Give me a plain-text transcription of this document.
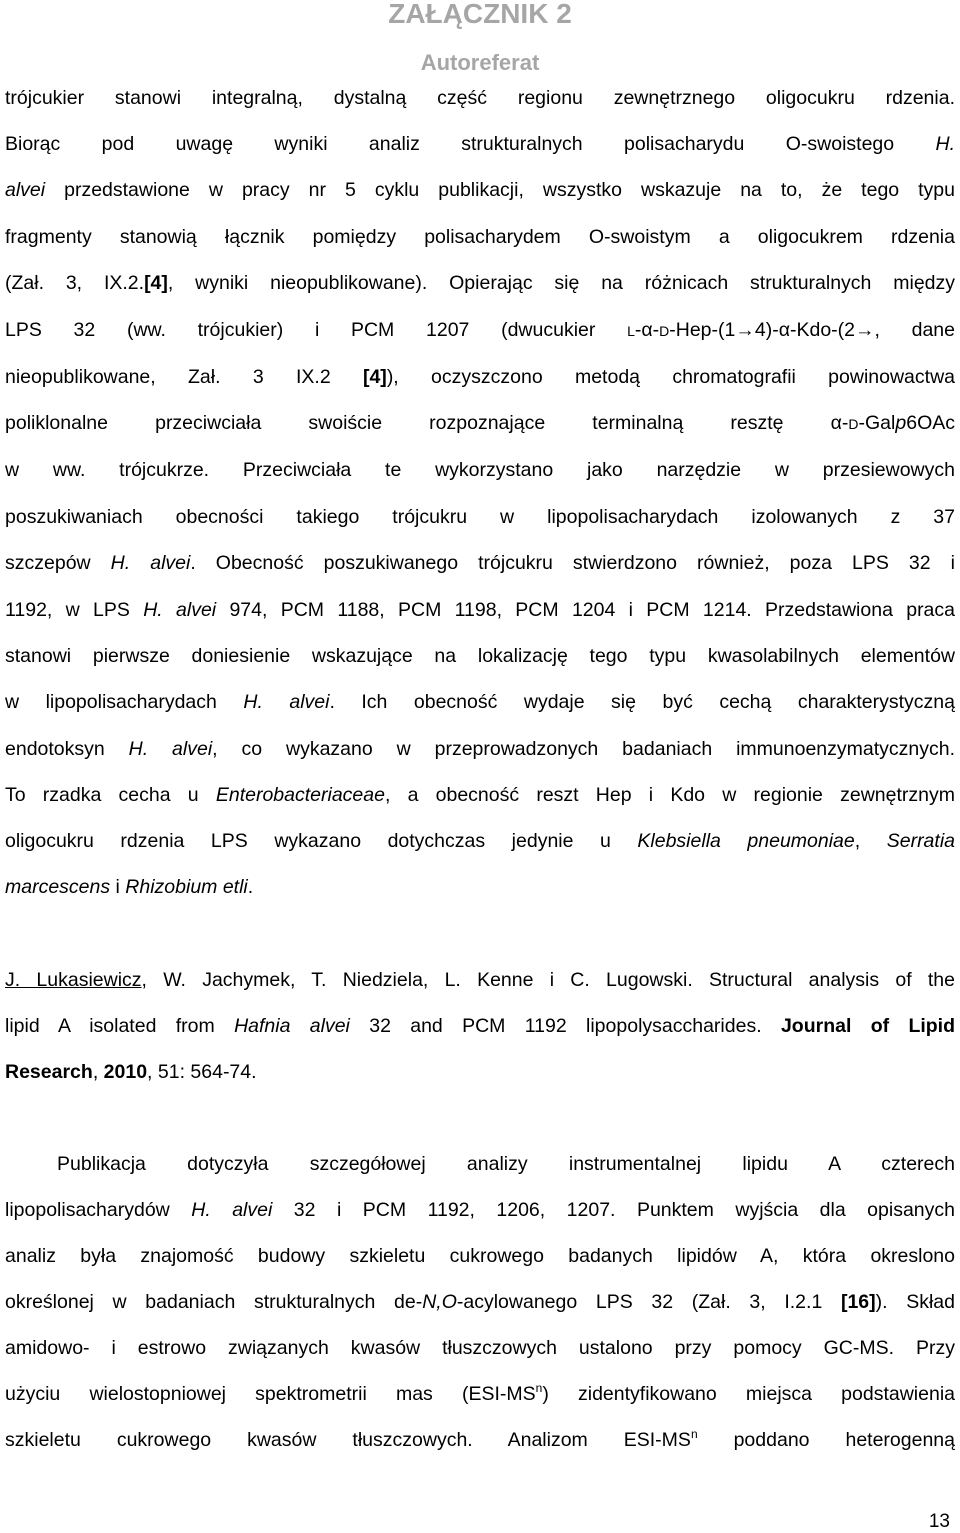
ZAŁĄCZNIK 2
Autoreferat
trójcukier stanowi integralną, dystalną część regionu zewnętrznego oligocukru rdzenia.
Biorąc pod uwagę wyniki analiz strukturalnych polisacharydu O-swoistego H.
alvei przedstawione w pracy nr 5 cyklu publikacji, wszystko wskazuje na to, że tego typu
fragmenty stanowią łącznik pomiędzy polisacharydem O-swoistym a oligocukrem rdzenia
(Zał. 3, IX.2.[4], wyniki nieopublikowane). Opierając się na różnicach strukturalnych między
LPS 32 (ww. trójcukier) i PCM 1207 (dwucukier L-α-D-Hep-(1→4)-α-Kdo-(2→, dane
nieopublikowane, Zał. 3 IX.2 [4]), oczyszczono metodą chromatografii powinowactwa
poliklonalne przeciwciała swoiście rozpoznające terminalną resztę α-D-Galp6OAc
w ww. trójcukrze. Przeciwciała te wykorzystano jako narzędzie w przesiewowych
poszukiwaniach obecności takiego trójcukru w lipopolisacharydach izolowanych z 37
szczepów H. alvei. Obecność poszukiwanego trójcukru stwierdzono również, poza LPS 32 i
1192, w LPS H. alvei 974, PCM 1188, PCM 1198, PCM 1204 i PCM 1214. Przedstawiona praca
stanowi pierwsze doniesienie wskazujące na lokalizację tego typu kwasolabilnych elementów
w lipopolisacharydach H. alvei. Ich obecność wydaje się być cechą charakterystyczną
endotoksyn H. alvei, co wykazano w przeprowadzonych badaniach immunoenzymatycznych.
To rzadka cecha u Enterobacteriaceae, a obecność reszt Hep i Kdo w regionie zewnętrznym
oligocukru rdzenia LPS wykazano dotychczas jedynie u Klebsiella pneumoniae, Serratia
marcescens i Rhizobium etli.
J. Lukasiewicz, W. Jachymek, T. Niedziela, L. Kenne i C. Lugowski. Structural analysis of the
lipid A isolated from Hafnia alvei 32 and PCM 1192 lipopolysaccharides. Journal of Lipid
Research, 2010, 51: 564-74.
Publikacja dotyczyła szczegółowej analizy instrumentalnej lipidu A czterech
lipopolisacharydów H. alvei 32 i PCM 1192, 1206, 1207. Punktem wyjścia dla opisanych
analiz była znajomość budowy szkieletu cukrowego badanych lipidów A, która okreslono
określonej w badaniach strukturalnych de-N,O-acylowanego LPS 32 (Zał. 3, I.2.1 [16]). Skład
amidowo- i estrowo związanych kwasów tłuszczowych ustalono przy pomocy GC-MS. Przy
użyciu wielostopniowej spektrometrii mas $(ESI-MS^n)$ zidentyfikowano miejsca podstawienia
szkieletu cukrowego kwasów tłuszczowych. Analizom ESI-$MS^n$ poddano heterogenną
13
